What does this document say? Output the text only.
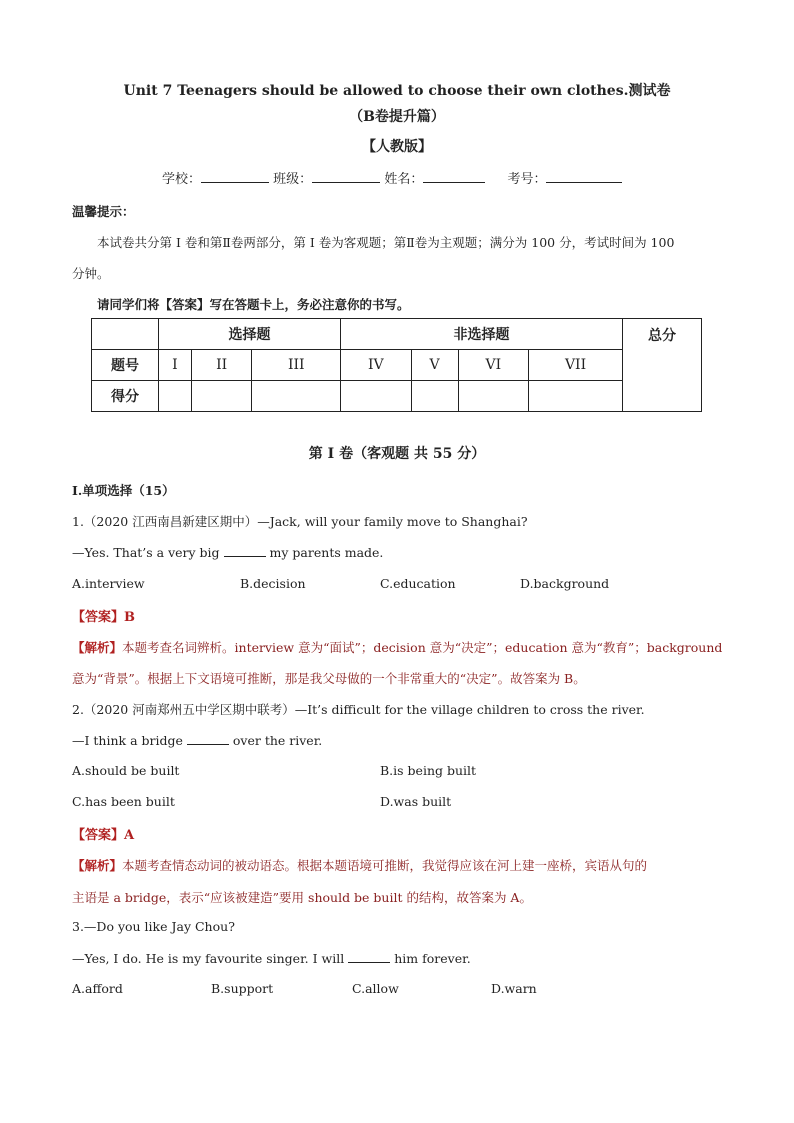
Unit 7 Teenagers should be allowed to choose their own clothes.测试卷
（B卷提升篇）
【人教版】
学校：	班级：	姓名：	考号：
温馨提示：
本试卷共分第 I 卷和第Ⅱ卷两部分，第 I 卷为客观题；第Ⅱ卷为主观题；满分为 100 分，考试时间为 100
分钟。
请同学们将【答案】写在答题卡上，务必注意你的书写。
	选择题			非选择题				总分
题号	I	II	III	IV	V	VI	VII	
得分								
第 I 卷（客观题 共 55 分）
Ⅰ.单项选择（15）
1.（2020 江西南昌新建区期中）—Jack, will your family move to Shanghai?
—Yes. That’s a very big	my parents made.
A.interview	B.decision	C.education	D.background
【答案】B
【解析】本题考查名词辨析。interview 意为“面试”；decision 意为“决定”；education 意为“教育”；background
意为“背景”。根据上下文语境可推断，那是我父母做的一个非常重大的“决定”。故答案为 B。
2.（2020 河南郑州五中学区期中联考）—It’s difficult for the village children to cross the river.
—I think a bridge	over the river.
A.should be built	B.is being built
C.has been built	D.was built
【答案】A
【解析】本题考查情态动词的被动语态。根据本题语境可推断，我觉得应该在河上建一座桥，宾语从句的
主语是 a bridge，表示“应该被建造”要用 should be built 的结构，故答案为 A。
3.—Do you like Jay Chou?
—Yes, I do. He is my favourite singer. I will	him forever.
A.afford	B.support	C.allow	D.warn
